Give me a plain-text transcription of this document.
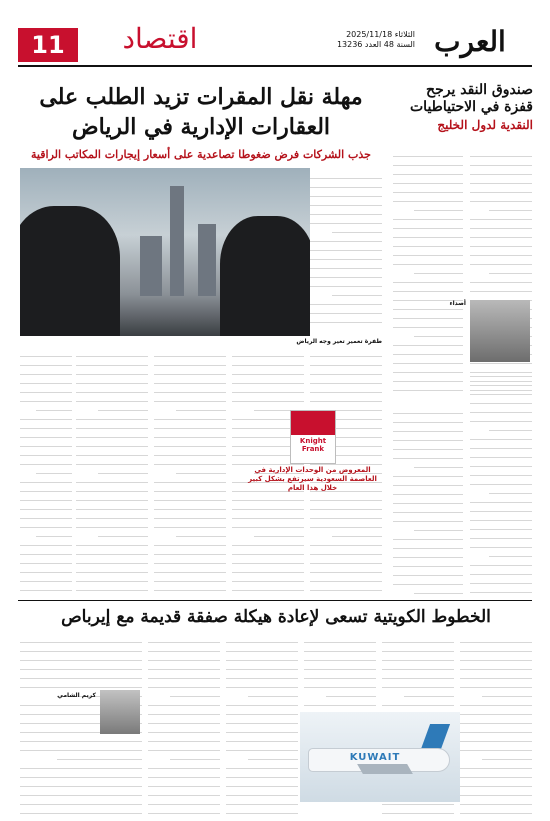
11	اقتصاد	الثلاثاء 2025/11/18
السنة 48 العدد 13236 العرب
صندوق النقد يرجح قفزة في الاحتياطيات
النقدية لدول الخليج
أصداء
مهلة نقل المقرات تزيد الطلب على العقارات الإدارية في الرياض
جذب الشركات فرض ضغوطا تصاعدية على أسعار إيجارات المكاتب الراقية
طفرة تعمير تغير وجه الرياض
Knight Frank
المعروض من الوحدات الإدارية في العاصمة السعودية سيرتفع بشكل كبير خلال هذا العام
الخطوط الكويتية تسعى لإعادة هيكلة صفقة قديمة مع إيرباص
كريم الشامي
KUWAIT
